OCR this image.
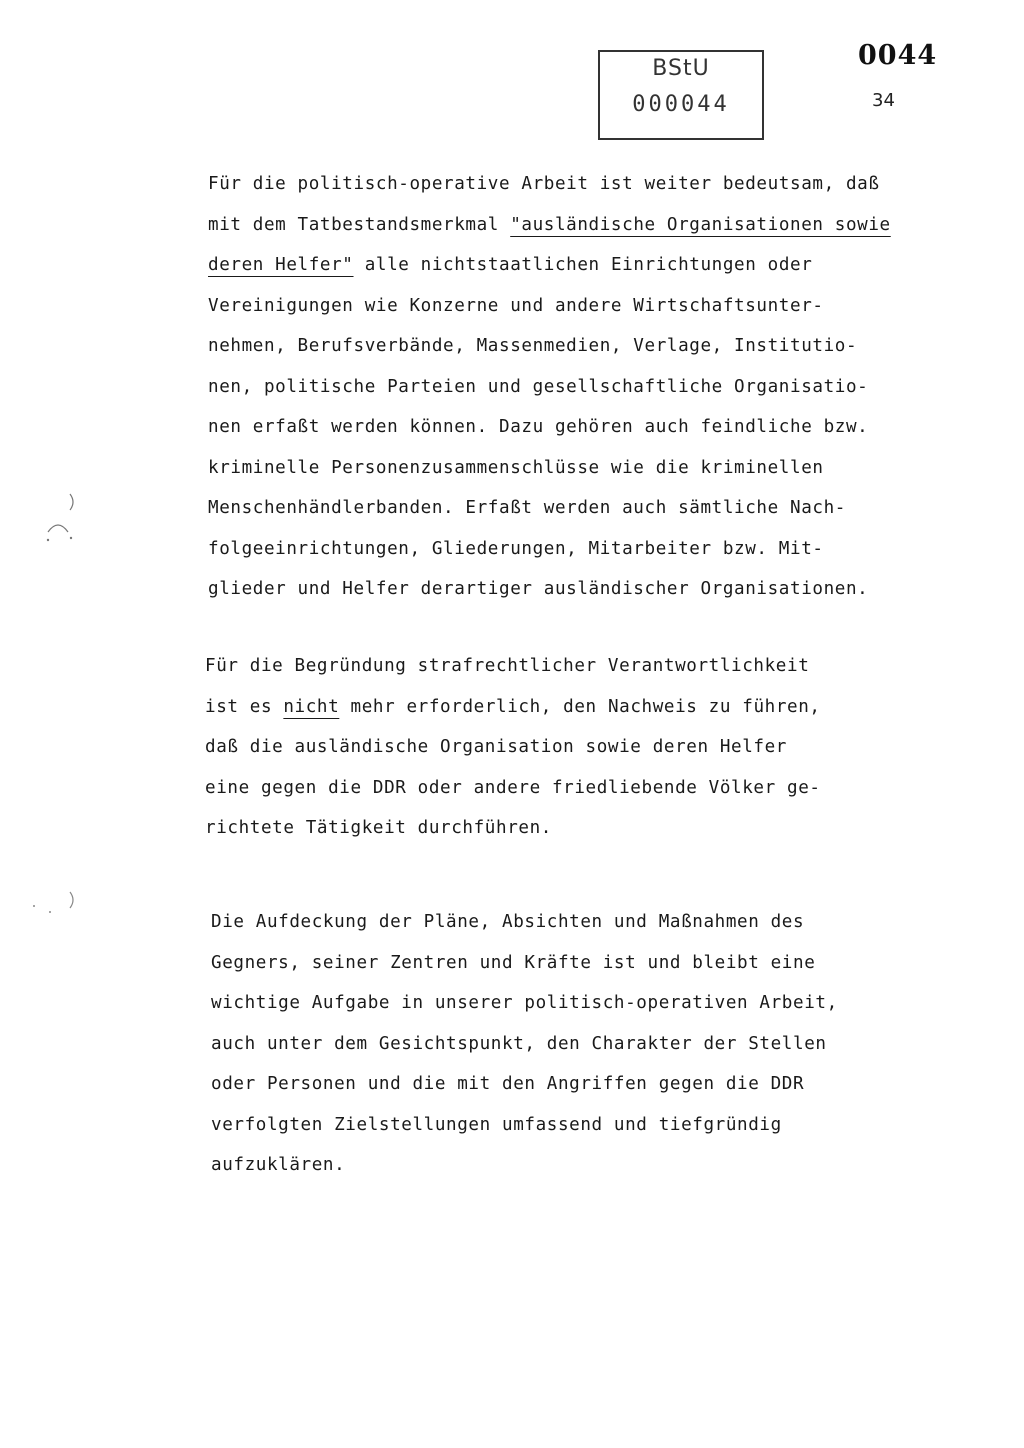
BStU
000044
0044
34
Für die politisch-operative Arbeit ist weiter bedeutsam, daß
mit dem Tatbestandsmerkmal "ausländische Organisationen sowie
deren Helfer" alle nichtstaatlichen Einrichtungen oder
Vereinigungen wie Konzerne und andere Wirtschaftsunter-
nehmen, Berufsverbände, Massenmedien, Verlage, Institutio-
nen, politische Parteien und gesellschaftliche Organisatio-
nen erfaßt werden können. Dazu gehören auch feindliche bzw.
kriminelle Personenzusammenschlüsse wie die kriminellen
Menschenhändlerbanden. Erfaßt werden auch sämtliche Nach-
folgeeinrichtungen, Gliederungen, Mitarbeiter bzw. Mit-
glieder und Helfer derartiger ausländischer Organisationen.
Für die Begründung strafrechtlicher Verantwortlichkeit
ist es nicht mehr erforderlich, den Nachweis zu führen,
daß die ausländische Organisation sowie deren Helfer
eine gegen die DDR oder andere friedliebende Völker ge-
richtete Tätigkeit durchführen.
Die Aufdeckung der Pläne, Absichten und Maßnahmen des
Gegners, seiner Zentren und Kräfte ist und bleibt eine
wichtige Aufgabe in unserer politisch-operativen Arbeit,
auch unter dem Gesichtspunkt, den Charakter der Stellen
oder Personen und die mit den Angriffen gegen die DDR
verfolgten Zielstellungen umfassend und tiefgründig
aufzuklären.
